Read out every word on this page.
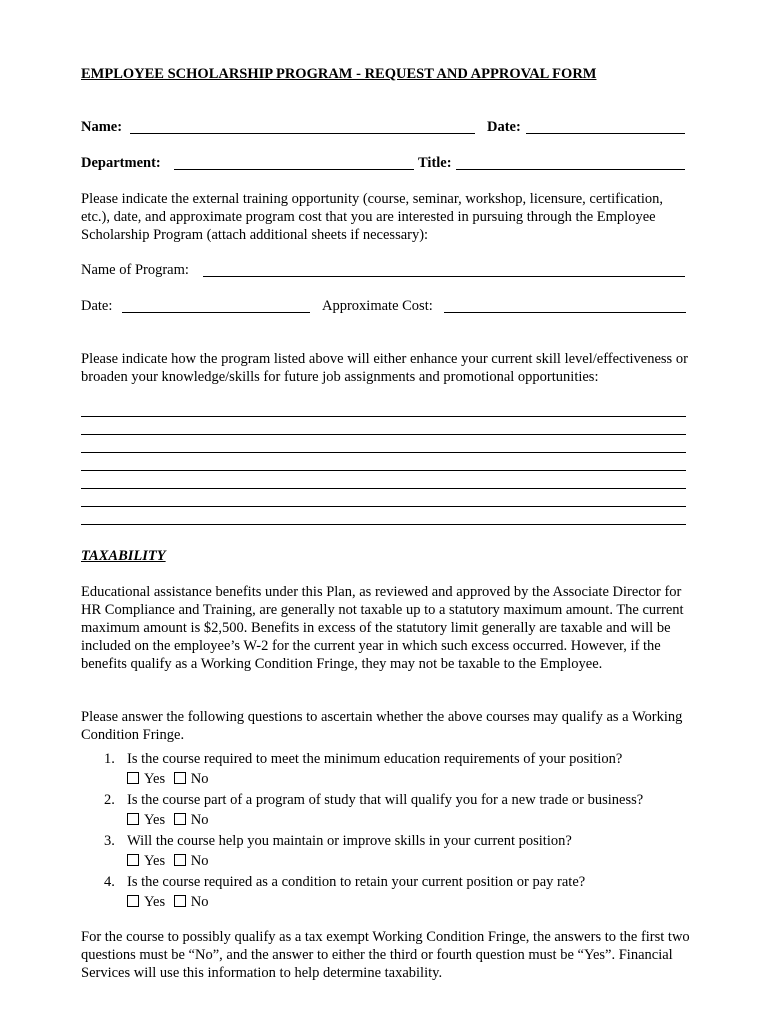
EMPLOYEE SCHOLARSHIP PROGRAM - REQUEST AND APPROVAL FORM
Name:	Date:
Department:	Title:
Please indicate the external training opportunity (course, seminar, workshop, licensure, certification, etc.), date, and approximate program cost that you are interested in pursuing through the Employee Scholarship Program (attach additional sheets if necessary):
Name of Program:
Date:	Approximate Cost:
Please indicate how the program listed above will either enhance your current skill level/effectiveness or broaden your knowledge/skills for future job assignments and promotional opportunities:
TAXABILITY
Educational assistance benefits under this Plan, as reviewed and approved by the Associate Director for HR Compliance and Training, are generally not taxable up to a statutory maximum amount. The current maximum amount is $2,500. Benefits in excess of the statutory limit generally are taxable and will be included on the employee’s W-2 for the current year in which such excess occurred. However, if the benefits qualify as a Working Condition Fringe, they may not be taxable to the Employee.
Please answer the following questions to ascertain whether the above courses may qualify as a Working Condition Fringe.
1. Is the course required to meet the minimum education requirements of your position?
Yes No
2. Is the course part of a program of study that will qualify you for a new trade or business?
Yes No
3. Will the course help you maintain or improve skills in your current position?
Yes No
4. Is the course required as a condition to retain your current position or pay rate?
Yes No
For the course to possibly qualify as a tax exempt Working Condition Fringe, the answers to the first two questions must be “No”, and the answer to either the third or fourth question must be “Yes”. Financial Services will use this information to help determine taxability.
